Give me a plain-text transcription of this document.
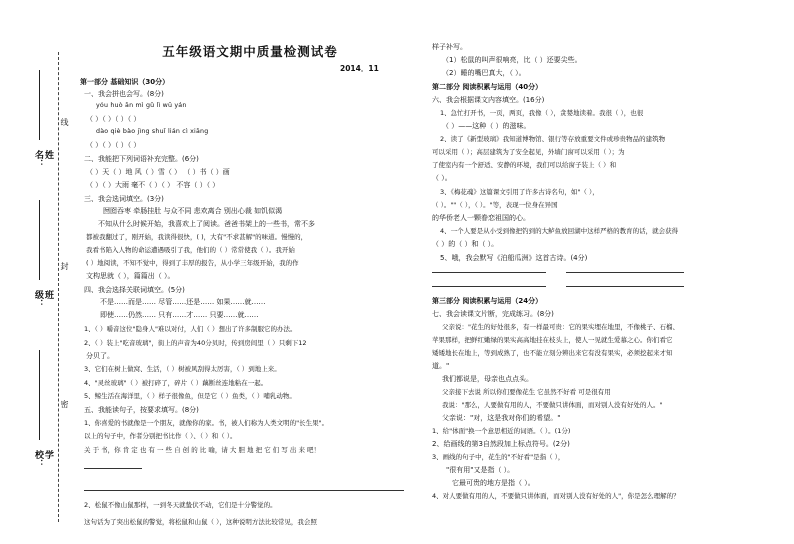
线
封
密
姓名：
班级：
学校：
五年级语文期中质量检测试卷
2014．11
第一部分 基础知识（30分）
一、我会拼也会写。(8分)
yóu huò ān mì gǔ lì wū yán
（ ）（ ）（ ）（ ）
dào qiè bào jìng shuǐ lián cì xiāng
（ ）（ ）（ ）（ ）
二、我能把下列词语补充完整。(6分)
（ ）天（ ）地 风（ ）雪（ ） （ ）书（ ）画
（ ）（ ）大雨 毫不（ ）（ ） 不容（ ）（ ）
三、我会选词填空。(3分)
囫囵吞枣 牵肠挂肚 与众不同 悲欢离合 别出心裁 如饥似渴
不知从什么时候开始，我喜欢上了阅读。爸爸书架上的一些书，常不多
都被我翻过了，刚开始，我读得很快，( )，大有"不求甚解"的味道。慢慢的，
我看书陷入人物的命运遭遇吸引了我，他们的（ ）常常使我（ ）。我开始
( ）地阅读，不知不觉中，得到了丰厚的报告，从小学三年级开始，我的作
文构思就（ ），篇篇出（ ）。
四、我会选择关联词填空。(5分)
不是……而是…… 尽管……还是…… 如果……就……
即使……仍然…… 只有……才…… 只要……就……
1、（ ）嚼音这位"隐身人"难以对付，人们（ ）想出了许多制服它的办法。
2、（ ）装上"吃音玻璃"，街上的声音为40分贝时，传到房间里（ ）只剩下12
分贝了。
3、它们在树上做窝、生活，（ ）树被风刮得太厉害，（ ）到地上来。
4、"灵丝玻璃"（ ）被打碎了，碎片（ ）藕断丝连地粘在一起。
5、鲸生活在海洋里，（ ）样子很像鱼，但是它（ ）鱼类，（ ）哺乳动物。
五、我能读句子，按要求填写。(8分)
1、你喜爱的书就像是一个朋友，就像你的家。书，被人们称为人类文明的"长生果"。
以上的句子中，作者分别把书比作（ ）、（ ）和（ ）。
关 于 书，你 肯 定 也 有 一 些 自 创 的 比 喻，请 大 胆 地 把 它 们 写 出 来 吧！
2、松鼠不像山鼠那样，一到冬天就蛰伏不动，它们是十分警觉的。
这句话为了突出松鼠的警觉，将松鼠和山鼠（ ），这种说明方法比较常见，我会照
样子补写。
（1）松鼠的叫声很响亮，比（ ）还要尖些。
（2）睡的嘴巴真大，（ ）。
第二部分 阅读积累与运用（40分）
六、我会根据课文内容填空。(16分)
1、急忙打开书，一页，两页，我像（ ），贪婪地读着。我很（ ），也很
（ ）——这种（ ）的滋味。
2、读了《新型玻璃》我知道博物馆、银行等存放重要文件或珍贵物品的建筑物
可以采用（ ）；高层建筑为了安全起见，外墙门窗可以采用（ ）；为
了使室内有一个舒适、安静的环境，我们可以给窗子装上（ ）和
（ ）。
3、《梅花魂》这篇课文引用了许多古诗名句，如"（ ），
（ ）。""（ ），（ ）。"等，表现一位身在异国
的华侨老人一颗眷恋祖国的心。
4、一个人要是从小受到像把钓到的大鲈鱼放回湖中这样严格的教育的话，就会获得
（ ）的（ ）和（ ）。
5、哦，我会默写《泊船瓜洲》这首古诗。(4分)
第三部分 阅读积累与运用（24分）
七、我会读课文片断，完成练习。(8分)
父亲说："花生的好处很多，有一样最可贵：它的果实埋在地里，不像桃子、石榴、
苹果那样，把鲜红嫩绿的果实高高地挂在枝头上，使人一见就生爱慕之心。你们看它
矮矮地长在地上，等到成熟了，也不能立刻分辨出来它有没有果实，必须挖起来才知
道。"
我们都说是，母亲也点点头。
父亲接下去说 所以你们要像花生 它虽然不好看 可是很有用
我说："那么，人要做有用的人，不要做只讲体面，而对别人没有好处的人。"
父亲说："对，这是我对你们的希望。"
1、给"体面"换一个意思相近的词语。（ ）。(1分)
2、给画线的第3自然段加上标点符号。(2分)
3、画线的句子中，花生的"不好看"是指（ ），
"很有用"又是指（ ）。
它最可贵的地方是指（ ）。
4、对人要做有用的人，不要做只讲体面，而对别人没有好处的人"，你是怎么理解的？
